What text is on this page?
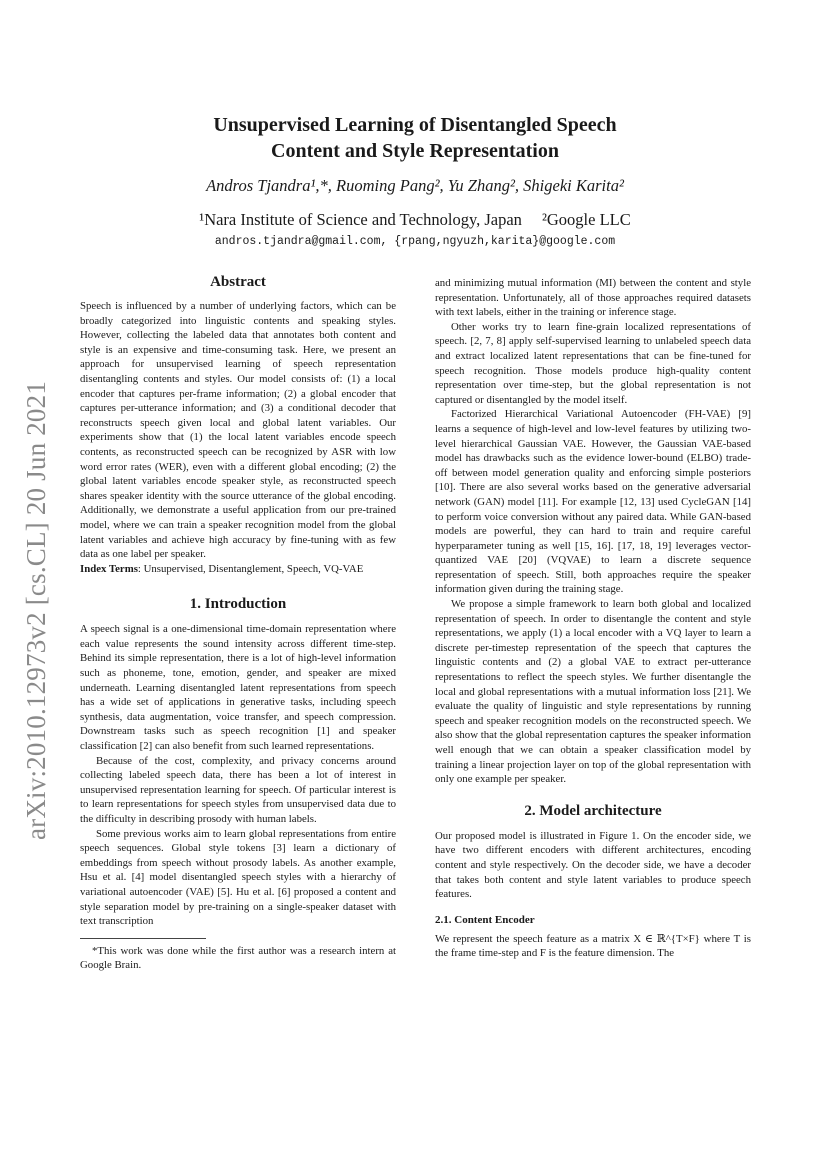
arXiv:2010.12973v2 [cs.CL] 20 Jun 2021
Unsupervised Learning of Disentangled Speech
Content and Style Representation

Andros Tjandra¹,*, Ruoming Pang², Yu Zhang², Shigeki Karita²

¹Nara Institute of Science and Technology, Japan ²Google LLC

andros.tjandra@gmail.com, {rpang,ngyuzh,karita}@google.com

Abstract

Speech is influenced by a number of underlying factors, which can be broadly categorized into linguistic contents and speaking styles. However, collecting the labeled data that annotates both content and style is an expensive and time-consuming task. Here, we present an approach for unsupervised learning of speech representation disentangling contents and styles. Our model consists of: (1) a local encoder that captures per-frame information; (2) a global encoder that captures per-utterance information; and (3) a conditional decoder that reconstructs speech given local and global latent variables. Our experiments show that (1) the local latent variables encode speech contents, as reconstructed speech can be recognized by ASR with low word error rates (WER), even with a different global encoding; (2) the global latent variables encode speaker style, as reconstructed speech shares speaker identity with the source utterance of the global encoding. Additionally, we demonstrate a useful application from our pre-trained model, where we can train a speaker recognition model from the global latent variables and achieve high accuracy by fine-tuning with as few data as one label per speaker.

Index Terms: Unsupervised, Disentanglement, Speech, VQ-VAE

1. Introduction

A speech signal is a one-dimensional time-domain representation where each value represents the sound intensity across different time-step. Behind its simple representation, there is a lot of high-level information such as phoneme, tone, emotion, gender, and speaker are mixed underneath. Learning disentangled latent representations from speech has a wide set of applications in generative tasks, including speech synthesis, data augmentation, voice transfer, and speech compression. Downstream tasks such as speech recognition [1] and speaker classification [2] can also benefit from such learned representations.

Because of the cost, complexity, and privacy concerns around collecting labeled speech data, there has been a lot of interest in unsupervised representation learning for speech. Of particular interest is to learn representations for speech styles from unsupervised data due to the difficulty in describing prosody with human labels.

Some previous works aim to learn global representations from entire speech sequences. Global style tokens [3] learn a dictionary of embeddings from speech without prosody labels. As another example, Hsu et al. [4] model disentangled speech styles with a hierarchy of variational autoencoder (VAE) [5]. Hu et al. [6] proposed a content and style separation model by pre-training on a single-speaker dataset with text transcription

*This work was done while the first author was a research intern at Google Brain.

and minimizing mutual information (MI) between the content and style representation. Unfortunately, all of those approaches required datasets with text labels, either in the training or inference stage.

Other works try to learn fine-grain localized representations of speech. [2, 7, 8] apply self-supervised learning to unlabeled speech data and extract localized latent representations that can be fine-tuned for speech recognition. Those models produce high-quality content representation over time-step, but the global representation is not captured or disentangled by the model itself.

Factorized Hierarchical Variational Autoencoder (FH-VAE) [9] learns a sequence of high-level and low-level features by utilizing two-level hierarchical Gaussian VAE. However, the Gaussian VAE-based model has drawbacks such as the evidence lower-bound (ELBO) trade-off between model generation quality and enforcing simple posteriors [10]. There are also several works based on the generative adversarial network (GAN) model [11]. For example [12, 13] used CycleGAN [14] to perform voice conversion without any paired data. While GAN-based models are powerful, they can hard to train and require careful hyperparameter tuning as well [15, 16]. [17, 18, 19] leverages vector-quantized VAE [20] (VQVAE) to learn a discrete sequence representation of speech. Still, both approaches require the speaker information given during the training stage.

We propose a simple framework to learn both global and localized representation of speech. In order to disentangle the content and style representations, we apply (1) a local encoder with a VQ layer to learn a discrete per-timestep representation of the speech that captures the linguistic contents and (2) a global VAE to extract per-utterance representations to reflect the speech styles. We further disentangle the local and global representations with a mutual information loss [21]. We evaluate the quality of linguistic and style representations by running speech and speaker recognition models on the reconstructed speech. We also show that the global representation captures the speaker information well enough that we can obtain a speaker classification model by training a linear projection layer on top of the global representation with only one example per speaker.

2. Model architecture

Our proposed model is illustrated in Figure 1. On the encoder side, we have two different encoders with different architectures, encoding content and style respectively. On the decoder side, we have a decoder that takes both content and style latent variables to produce speech features.

2.1. Content Encoder

We represent the speech feature as a matrix X ∈ ℝ^{T×F} where T is the frame time-step and F is the feature dimension. The
